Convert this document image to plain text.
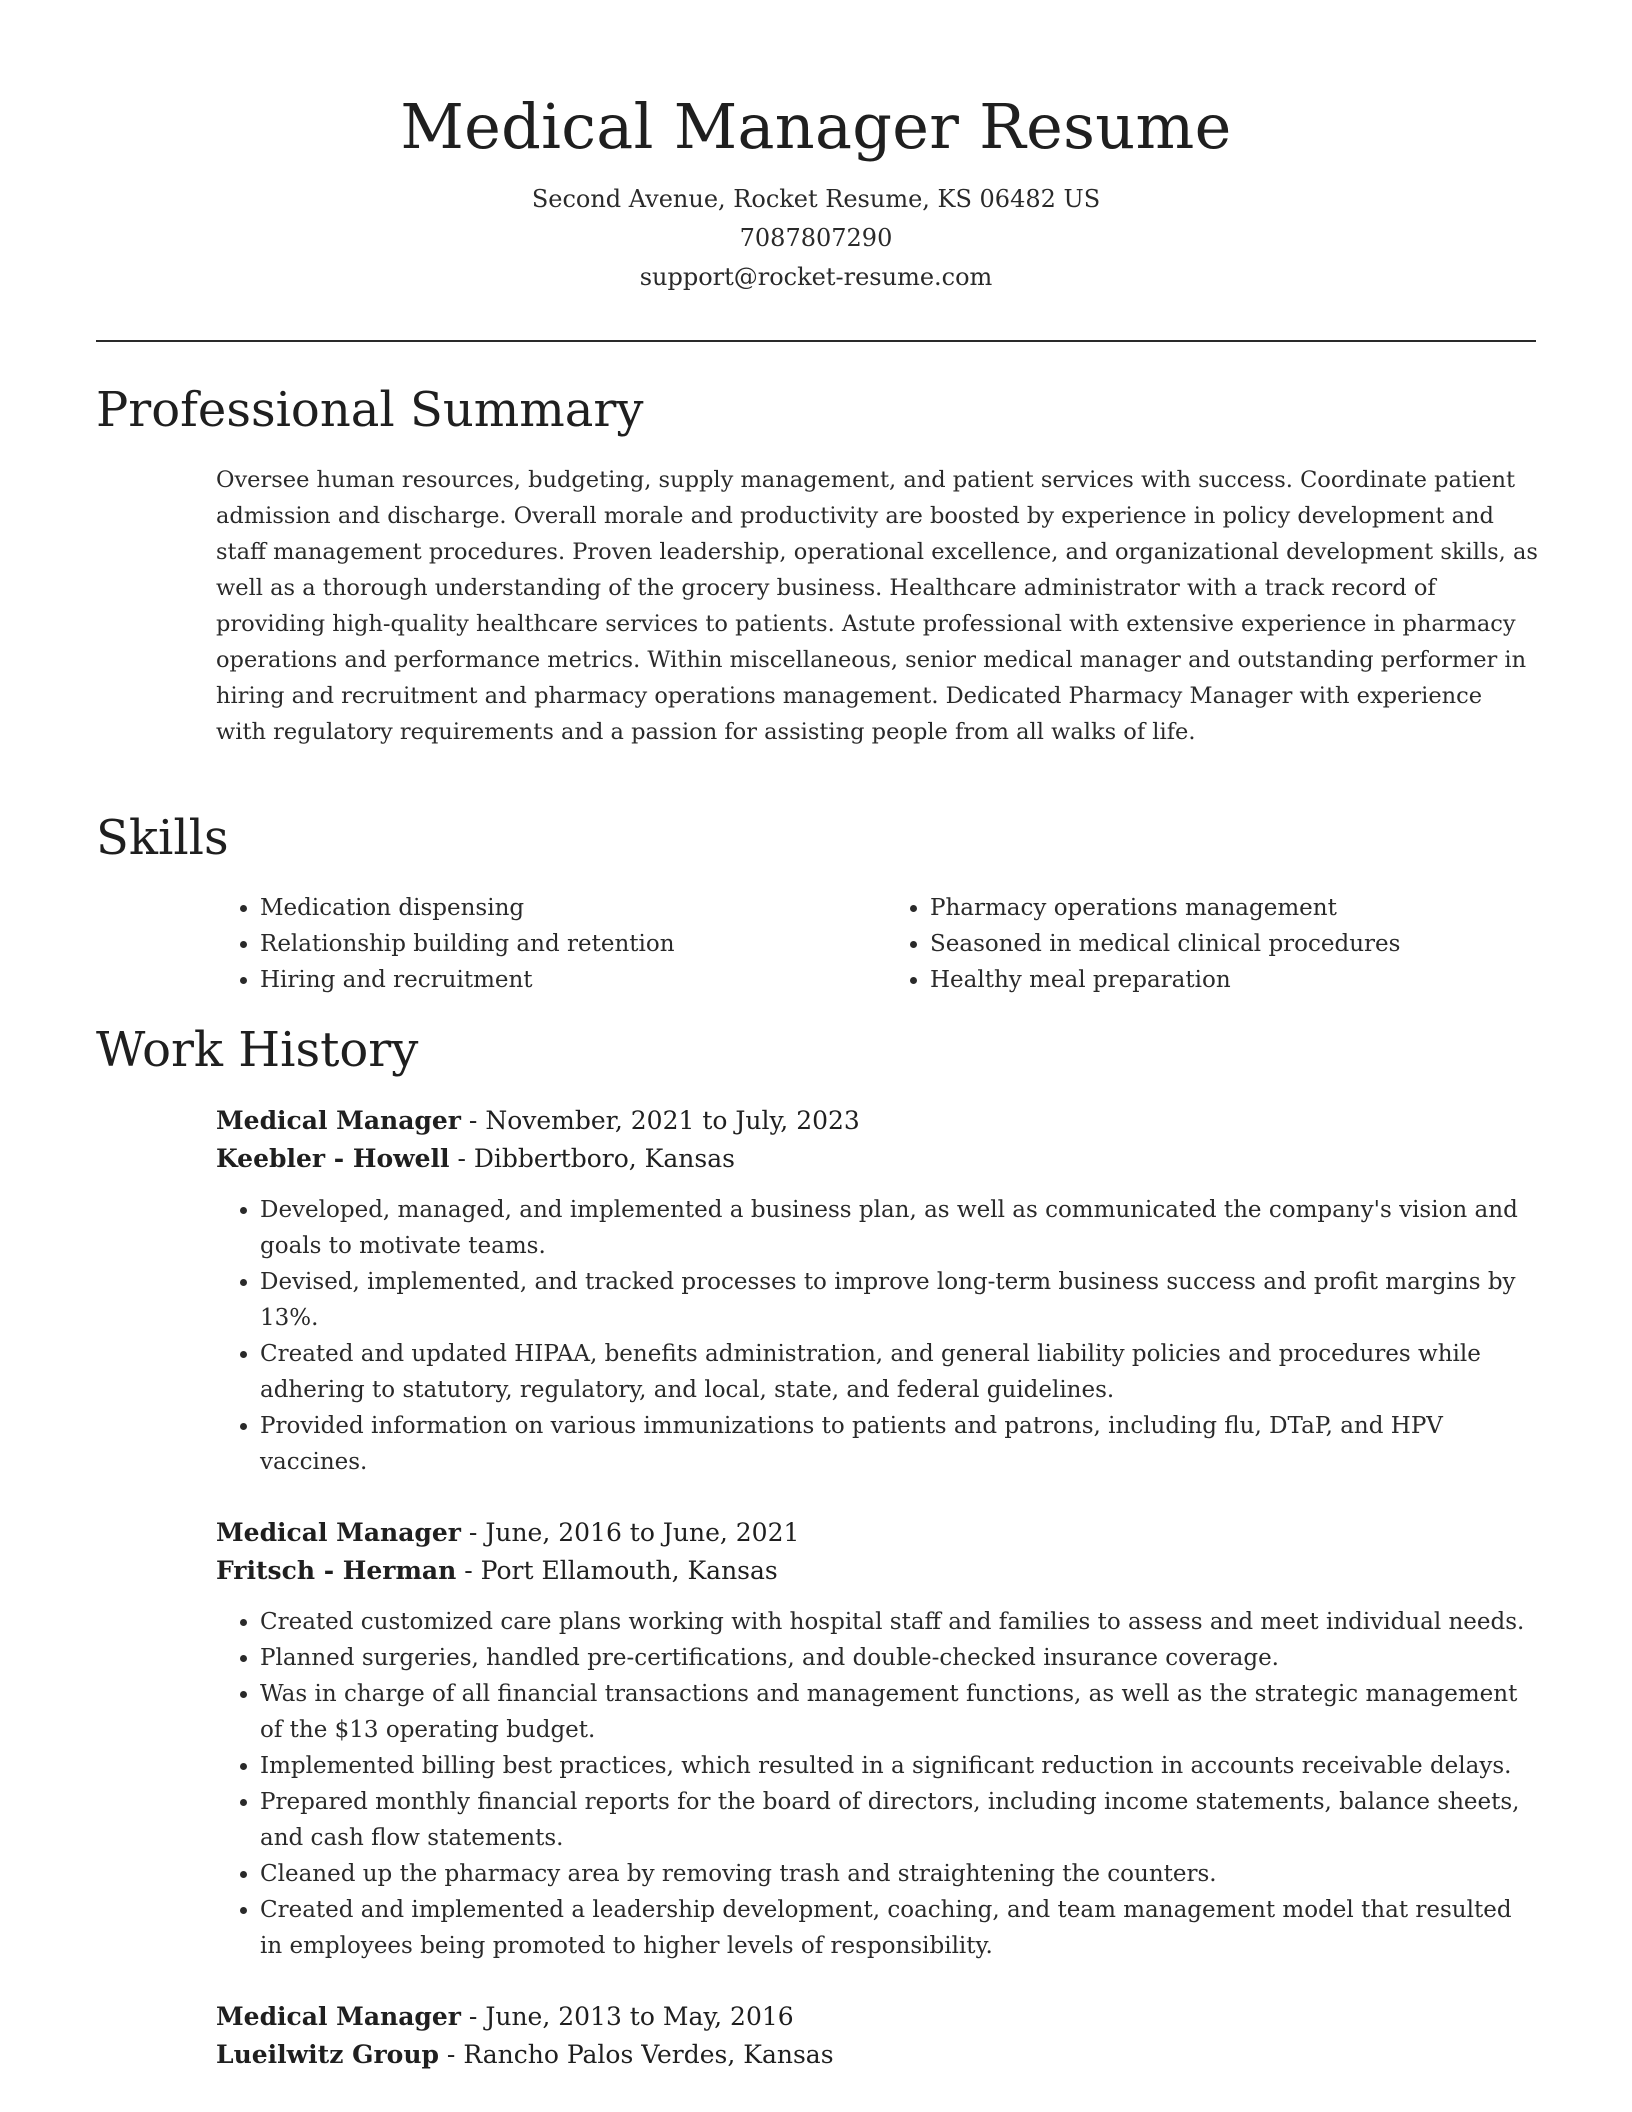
Medical Manager Resume
Second Avenue, Rocket Resume, KS 06482 US
7087807290
support@rocket-resume.com
Professional Summary

Oversee human resources, budgeting, supply management, and patient services with success. Coordinate patient admission and discharge. Overall morale and productivity are boosted by experience in policy development and staff management procedures. Proven leadership, operational excellence, and organizational development skills, as well as a thorough understanding of the grocery business. Healthcare administrator with a track record of providing high-quality healthcare services to patients. Astute professional with extensive experience in pharmacy operations and performance metrics. Within miscellaneous, senior medical manager and outstanding performer in hiring and recruitment and pharmacy operations management. Dedicated Pharmacy Manager with experience with regulatory requirements and a passion for assisting people from all walks of life.

Skills
• Medication dispensing
• Relationship building and retention
• Hiring and recruitment
• Pharmacy operations management
• Seasoned in medical clinical procedures
• Healthy meal preparation
Work History
Medical Manager - November, 2021 to July, 2023
Keebler - Howell - Dibbertboro, Kansas
• Developed, managed, and implemented a business plan, as well as communicated the company's vision and goals to motivate teams.
• Devised, implemented, and tracked processes to improve long-term business success and profit margins by 13%.
• Created and updated HIPAA, benefits administration, and general liability policies and procedures while adhering to statutory, regulatory, and local, state, and federal guidelines.
• Provided information on various immunizations to patients and patrons, including flu, DTaP, and HPV vaccines.
Medical Manager - June, 2016 to June, 2021
Fritsch - Herman - Port Ellamouth, Kansas
• Created customized care plans working with hospital staff and families to assess and meet individual needs.
• Planned surgeries, handled pre-certifications, and double-checked insurance coverage.
• Was in charge of all financial transactions and management functions, as well as the strategic management of the $13 operating budget.
• Implemented billing best practices, which resulted in a significant reduction in accounts receivable delays.
• Prepared monthly financial reports for the board of directors, including income statements, balance sheets, and cash flow statements.
• Cleaned up the pharmacy area by removing trash and straightening the counters.
• Created and implemented a leadership development, coaching, and team management model that resulted in employees being promoted to higher levels of responsibility.
Medical Manager - June, 2013 to May, 2016
Lueilwitz Group - Rancho Palos Verdes, Kansas
